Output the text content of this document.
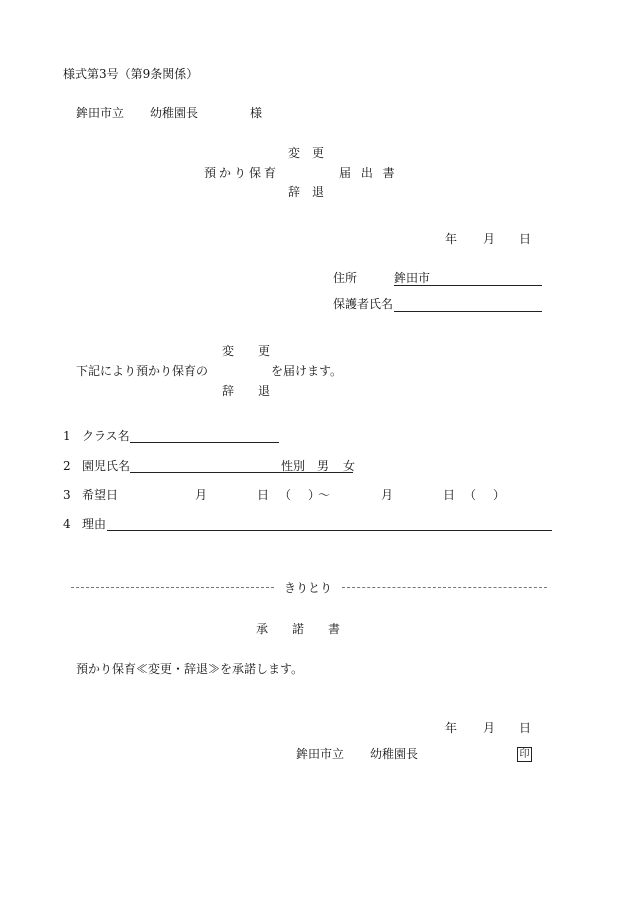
様式第3号（第9条関係）
鉾田市立 幼稚園長	様
変　更
預かり保育	届 出 書
辞　退
年 月 日
住所	鉾田市
保護者氏名
変　　更
下記により預かり保育の	を届けます。
辞　　退
1 クラス名
2 園児氏名	性別 男 女
3 希望日	月	日 （ ）
〜	月	日 （ ）
4 理由
きりとり
承　　諾　　書
預かり保育≪変更・辞退≫を承諾します。
年 月 日
鉾田市立 幼稚園長	印
